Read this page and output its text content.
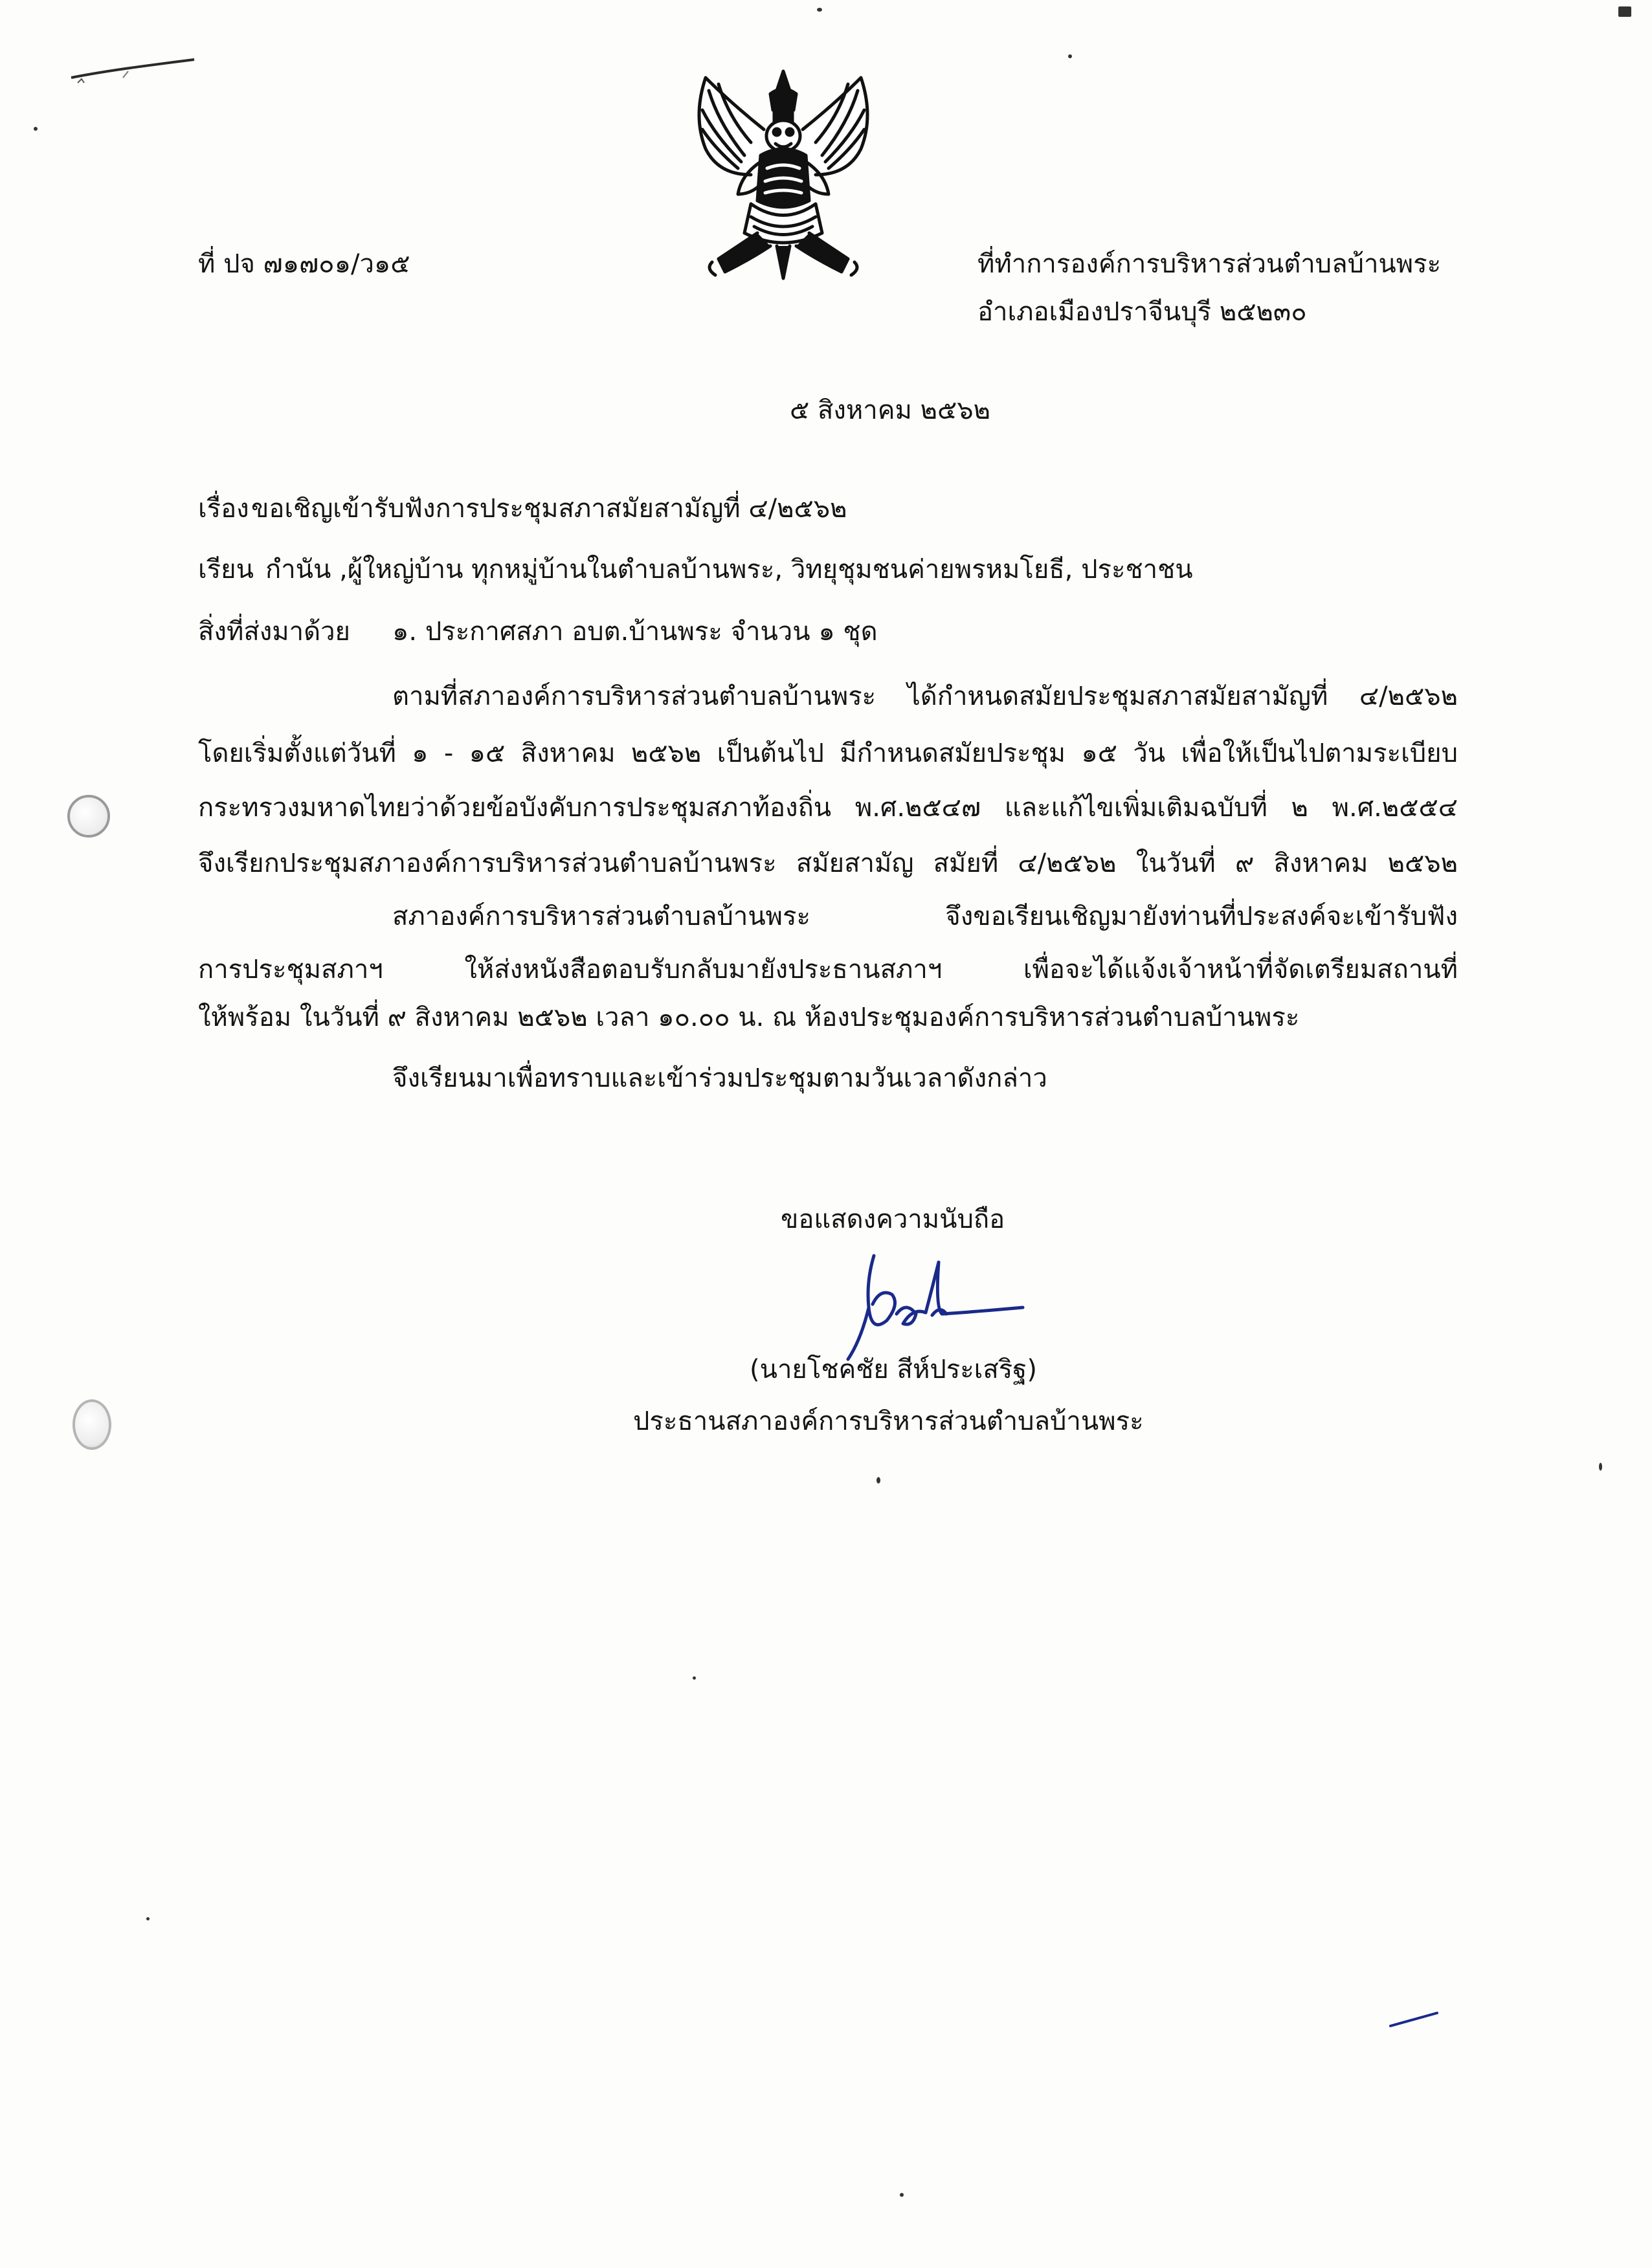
ที่ ปจ ๗๑๗๐๑/ว๑๕	ที่ทำการองค์การบริหารส่วนตำบลบ้านพระ
อำเภอเมืองปราจีนบุรี ๒๕๒๓๐
๕ สิงหาคม ๒๕๖๒
เรื่อง ขอเชิญเข้ารับฟังการประชุมสภาสมัยสามัญที่ ๔/๒๕๖๒
เรียน กำนัน ,ผู้ใหญ่บ้าน ทุกหมู่บ้านในตำบลบ้านพระ, วิทยุชุมชนค่ายพรหมโยธี, ประชาชน
สิ่งที่ส่งมาด้วย ๑. ประกาศสภา อบต.บ้านพระ จำนวน ๑ ชุด
ตามที่สภาองค์การบริหารส่วนตำบลบ้านพระ ได้กำหนดสมัยประชุมสภาสมัยสามัญที่ ๔/๒๕๖๒
โดยเริ่มตั้งแต่วันที่ ๑ - ๑๕ สิงหาคม ๒๕๖๒ เป็นต้นไป มีกำหนดสมัยประชุม ๑๕ วัน เพื่อให้เป็นไปตามระเบียบ
กระทรวงมหาดไทยว่าด้วยข้อบังคับการประชุมสภาท้องถิ่น พ.ศ.๒๕๔๗ และแก้ไขเพิ่มเติมฉบับที่ ๒ พ.ศ.๒๕๕๔
จึงเรียกประชุมสภาองค์การบริหารส่วนตำบลบ้านพระ สมัยสามัญ สมัยที่ ๔/๒๕๖๒ ในวันที่ ๙ สิงหาคม ๒๕๖๒
สภาองค์การบริหารส่วนตำบลบ้านพระ จึงขอเรียนเชิญมายังท่านที่ประสงค์จะเข้ารับฟัง
การประชุมสภาฯ ให้ส่งหนังสือตอบรับกลับมายังประธานสภาฯ เพื่อจะได้แจ้งเจ้าหน้าที่จัดเตรียมสถานที่
ให้พร้อม ในวันที่ ๙ สิงหาคม ๒๕๖๒ เวลา ๑๐.๐๐ น. ณ ห้องประชุมองค์การบริหารส่วนตำบลบ้านพระ
จึงเรียนมาเพื่อทราบและเข้าร่วมประชุมตามวันเวลาดังกล่าว
ขอแสดงความนับถือ
(นายโชคชัย สีห์ประเสริฐ)
ประธานสภาองค์การบริหารส่วนตำบลบ้านพระ
